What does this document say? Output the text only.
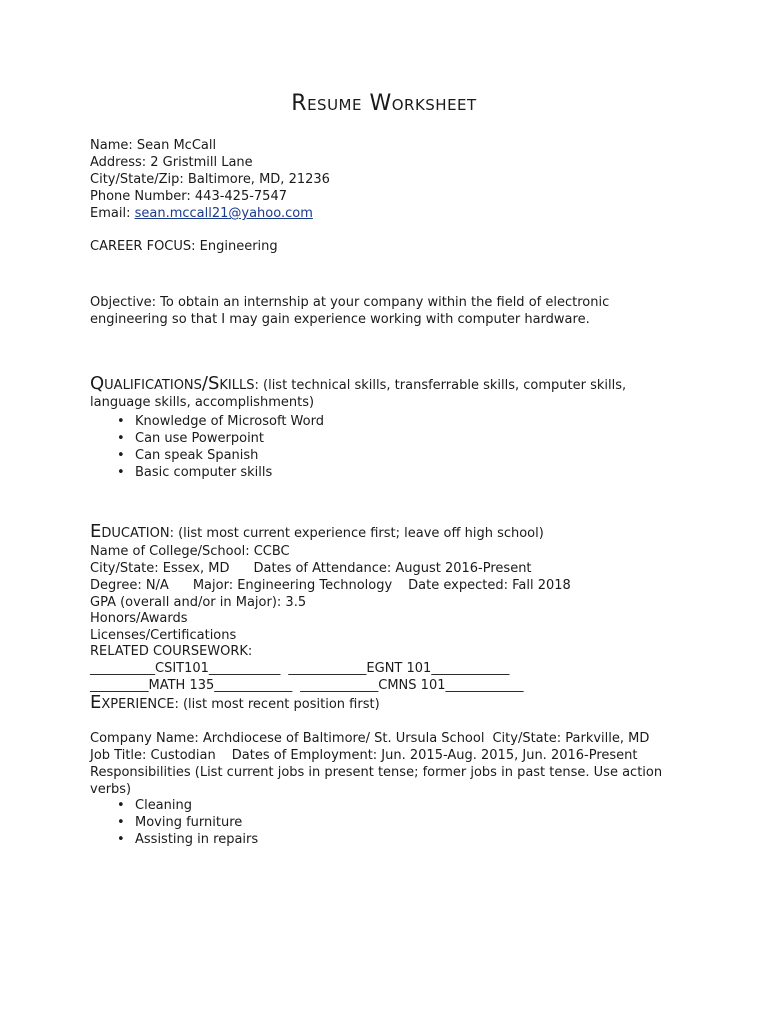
Resume Worksheet
Name: Sean McCall
Address: 2 Gristmill Lane
City/State/Zip: Baltimore, MD, 21236
Phone Number: 443-425-7547
Email: sean.mccall21@yahoo.com
CAREER FOCUS: Engineering
Objective: To obtain an internship at your company within the field of electronic engineering so that I may gain experience working with computer hardware.
Qualifications/Skills: (list technical skills, transferrable skills, computer skills, language skills, accomplishments)
• Knowledge of Microsoft Word
• Can use Powerpoint
• Can speak Spanish
• Basic computer skills
Education: (list most current experience first; leave off high school)
Name of College/School: CCBC
City/State: Essex, MD Dates of Attendance: August 2016-Present
Degree: N/A Major: Engineering Technology Date expected: Fall 2018
GPA (overall and/or in Major): 3.5
Honors/Awards
Licenses/Certifications
RELATED COURSEWORK:
__________CSIT101___________ ____________EGNT 101____________
_________MATH 135____________ ____________CMNS 101____________
Experience: (list most recent position first)
Company Name: Archdiocese of Baltimore/ St. Ursula School City/State: Parkville, MD
Job Title: Custodian Dates of Employment: Jun. 2015-Aug. 2015, Jun. 2016-Present
Responsibilities (List current jobs in present tense; former jobs in past tense. Use action verbs)
• Cleaning
• Moving furniture
• Assisting in repairs
